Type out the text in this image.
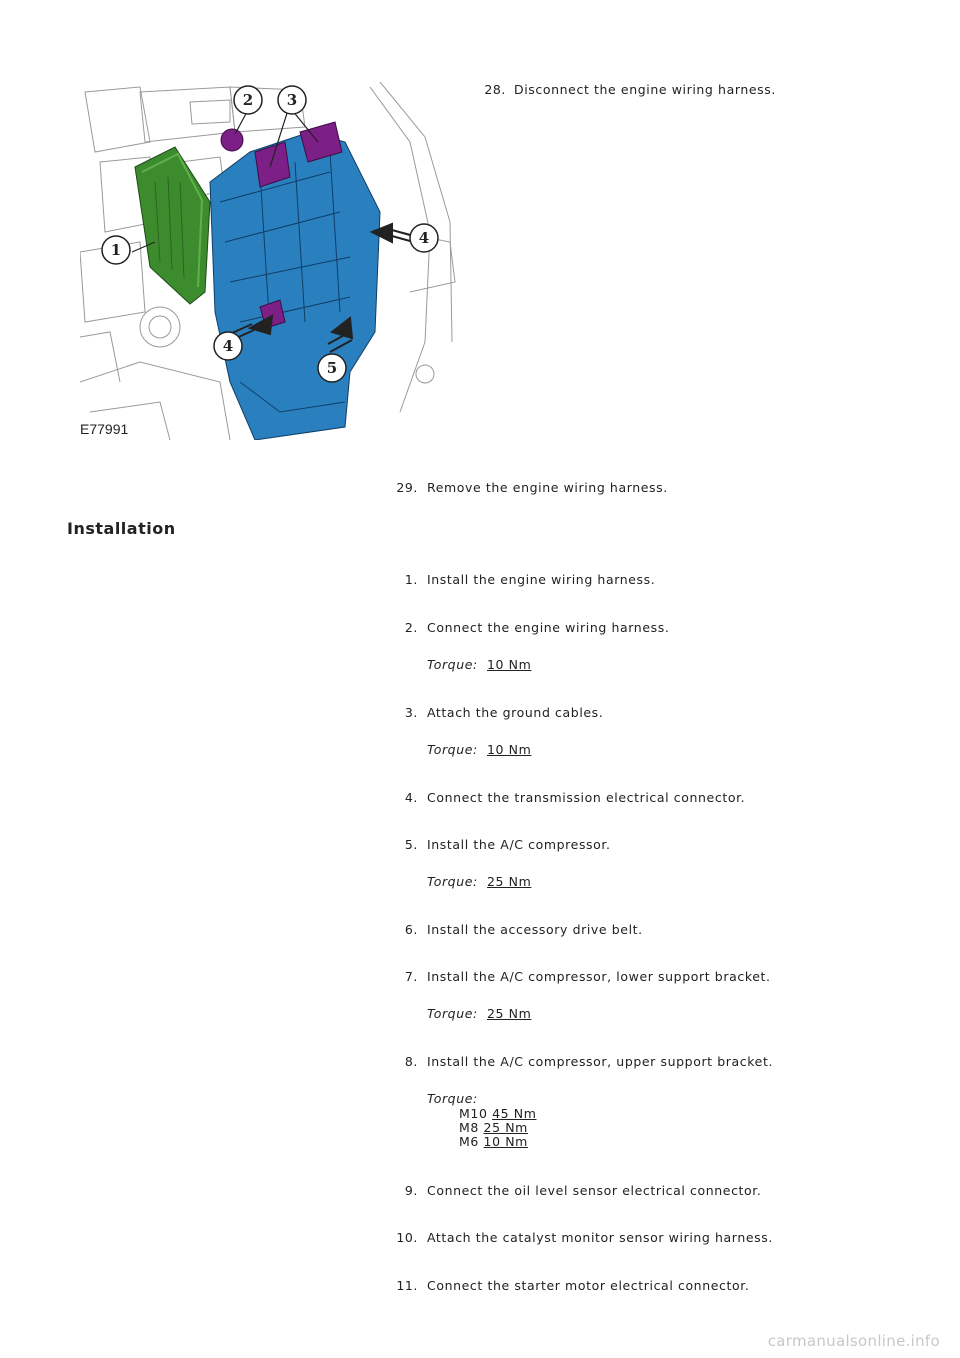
1
2 3
4
4
5
E77991
28. Disconnect the engine wiring harness.
29. Remove the engine wiring harness.
Installation
1. Install the engine wiring harness.
2. Connect the engine wiring harness.
Torque: 10 Nm
3. Attach the ground cables.
Torque: 10 Nm
4. Connect the transmission electrical connector.
5. Install the A/C compressor.
Torque: 25 Nm
6. Install the accessory drive belt.
7. Install the A/C compressor, lower support bracket.
Torque: 25 Nm
8. Install the A/C compressor, upper support bracket.
Torque:
M10 45 Nm
M8 25 Nm
M6 10 Nm
9. Connect the oil level sensor electrical connector.
10. Attach the catalyst monitor sensor wiring harness.
11. Connect the starter motor electrical connector.
carmanualsonline.info
